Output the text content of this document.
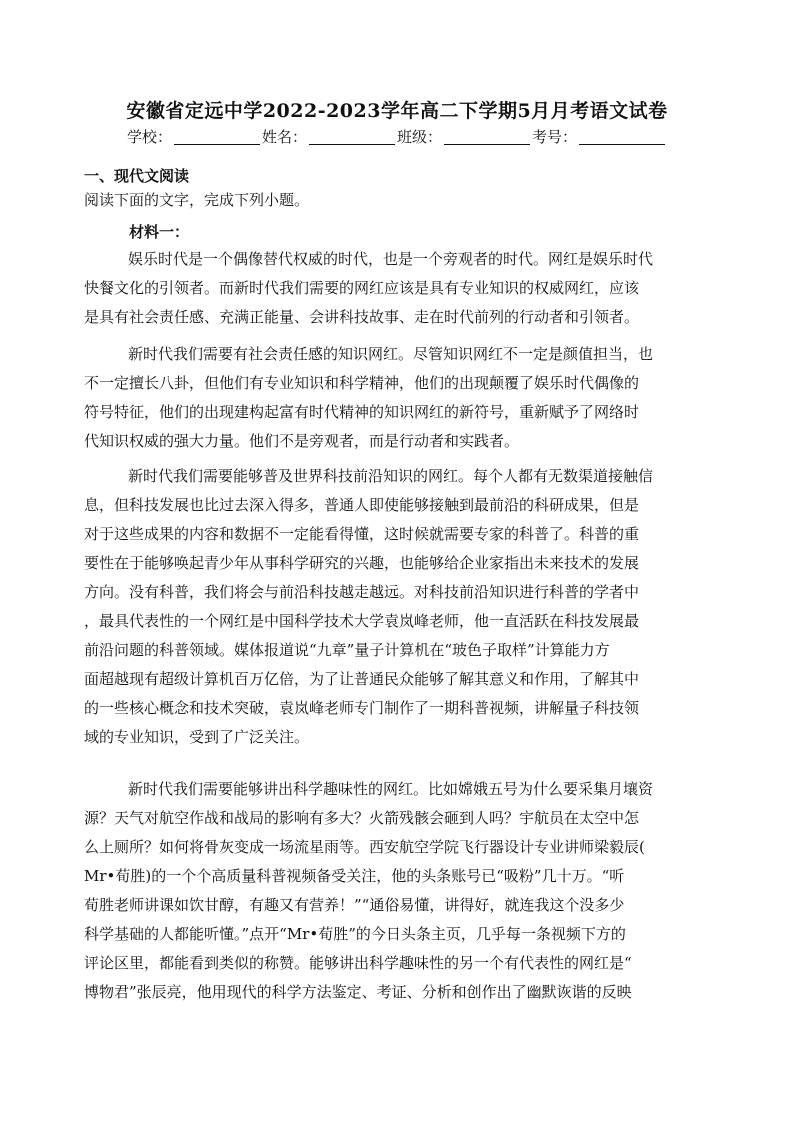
安徽省定远中学2022-2023学年高二下学期5月月考语文试卷
学校：	姓名：	班级：	考号：
一、现代文阅读
阅读下面的文字，完成下列小题。
材料一：
娱乐时代是一个偶像替代权威的时代，也是一个旁观者的时代。网红是娱乐时代
快餐文化的引领者。而新时代我们需要的网红应该是具有专业知识的权威网红，应该
是具有社会责任感、充满正能量、会讲科技故事、走在时代前列的行动者和引领者。
新时代我们需要有社会责任感的知识网红。尽管知识网红不一定是颜值担当，也
不一定擅长八卦，但他们有专业知识和科学精神，他们的出现颠覆了娱乐时代偶像的
符号特征，他们的出现建构起富有时代精神的知识网红的新符号，重新赋予了网络时
代知识权威的强大力量。他们不是旁观者，而是行动者和实践者。
新时代我们需要能够普及世界科技前沿知识的网红。每个人都有无数渠道接触信
息，但科技发展也比过去深入得多，普通人即使能够接触到最前沿的科研成果，但是
对于这些成果的内容和数据不一定能看得懂，这时候就需要专家的科普了。科普的重
要性在于能够唤起青少年从事科学研究的兴趣，也能够给企业家指出未来技术的发展
方向。没有科普，我们将会与前沿科技越走越远。对科技前沿知识进行科普的学者中
，最具代表性的一个网红是中国科学技术大学袁岚峰老师，他一直活跃在科技发展最
前沿问题的科普领域。媒体报道说“九章”量子计算机在“玻色子取样”计算能力方
面超越现有超级计算机百万亿倍，为了让普通民众能够了解其意义和作用，了解其中
的一些核心概念和技术突破，袁岚峰老师专门制作了一期科普视频，讲解量子科技领
域的专业知识，受到了广泛关注。
新时代我们需要能够讲出科学趣味性的网红。比如嫦娥五号为什么要采集月壤资
源？天气对航空作战和战局的影响有多大？火箭残骸会砸到人吗？宇航员在太空中怎
么上厕所？如何将骨灰变成一场流星雨等。西安航空学院飞行器设计专业讲师梁毅辰(
Mr•荀胜)的一个个高质量科普视频备受关注，他的头条账号已“吸粉”几十万。“听
荀胜老师讲课如饮甘醇，有趣又有营养！”“通俗易懂，讲得好，就连我这个没多少
科学基础的人都能听懂。”点开“Mr•荀胜”的今日头条主页，几乎每一条视频下方的
评论区里，都能看到类似的称赞。能够讲出科学趣味性的另一个有代表性的网红是“
博物君”张辰亮，他用现代的科学方法鉴定、考证、分析和创作出了幽默诙谐的反映
